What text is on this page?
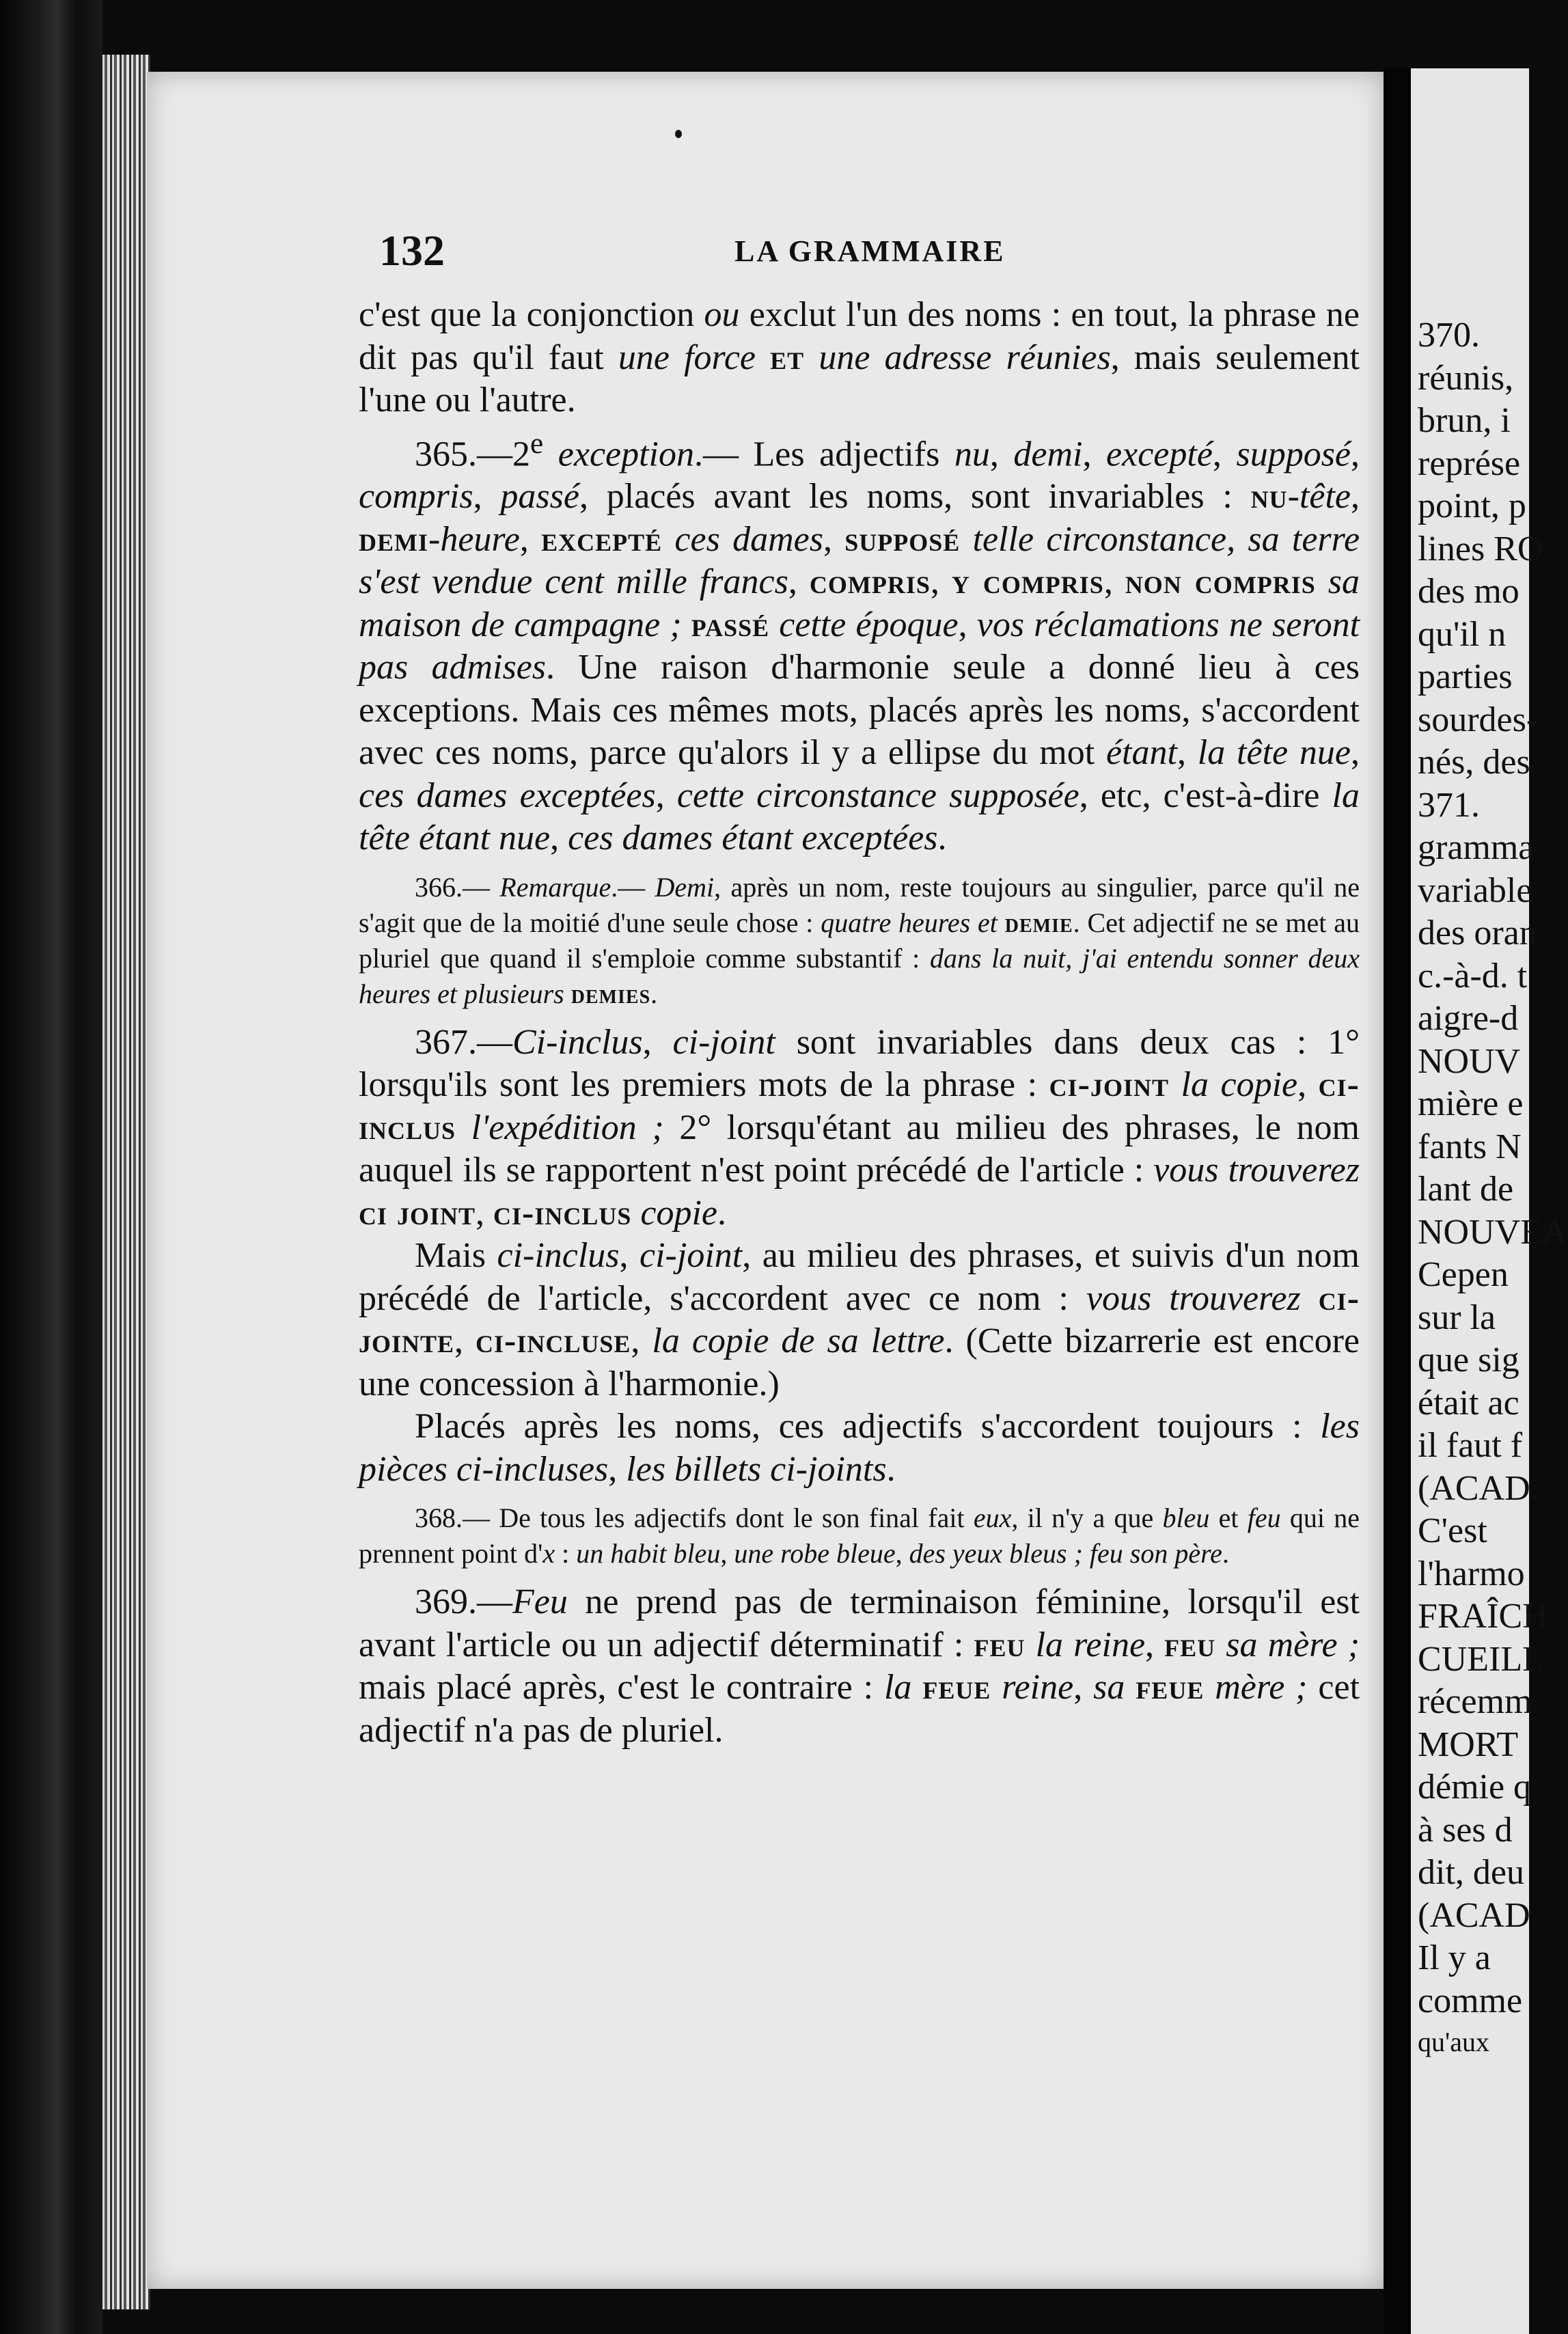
132	LA GRAMMAIRE

c'est que la conjonction ou exclut l'un des noms : en tout, la phrase ne dit pas qu'il faut une force et une adresse réunies, mais seulement l'une ou l'autre.

365.—2e exception.— Les adjectifs nu, demi, excepté, supposé, compris, passé, placés avant les noms, sont invariables : nu-tête, demi-heure, excepté ces dames, supposé telle circonstance, sa terre s'est vendue cent mille francs, compris, y compris, non compris sa maison de campagne ; passé cette époque, vos réclamations ne seront pas admises. Une raison d'harmonie seule a donné lieu à ces exceptions. Mais ces mêmes mots, placés après les noms, s'accordent avec ces noms, parce qu'alors il y a ellipse du mot étant, la tête nue, ces dames exceptées, cette circonstance supposée, etc, c'est-à-dire la tête étant nue, ces dames étant exceptées.

366.— Remarque.— Demi, après un nom, reste toujours au singulier, parce qu'il ne s'agit que de la moitié d'une seule chose : quatre heures et demie. Cet adjectif ne se met au pluriel que quand il s'emploie comme substantif : dans la nuit, j'ai entendu sonner deux heures et plusieurs demies.

367.—Ci-inclus, ci-joint sont invariables dans deux cas : 1° lorsqu'ils sont les premiers mots de la phrase : ci-joint la copie, ci-inclus l'expédition ; 2° lorsqu'étant au milieu des phrases, le nom auquel ils se rapportent n'est point précédé de l'article : vous trouverez ci joint, ci-inclus copie.

Mais ci-inclus, ci-joint, au milieu des phrases, et suivis d'un nom précédé de l'article, s'accordent avec ce nom : vous trouverez ci-jointe, ci-incluse, la copie de sa lettre. (Cette bizarrerie est encore une concession à l'harmonie.)

Placés après les noms, ces adjectifs s'accordent toujours : les pièces ci-incluses, les billets ci-joints.

368.— De tous les adjectifs dont le son final fait eux, il n'y a que bleu et feu qui ne prennent point d'x : un habit bleu, une robe bleue, des yeux bleus ; feu son père.

369.—Feu ne prend pas de terminaison féminine, lorsqu'il est avant l'article ou un adjectif déterminatif : feu la reine, feu sa mère ; mais placé après, c'est le contraire : la feue reine, sa feue mère ; cet adjectif n'a pas de pluriel.

370.
réunis,
brun, i
représe
point, p
lines RO
des mo
qu'il n
parties
sourdes-
nés, des
371.
gramma
variable
des oran
c.-à-d. t
aigre-d
NOUV
mière e
fants N
lant de
NOUVEA
Cepen
sur la
que sig
était ac
il faut f
(ACAD.
C'est
l'harmo
FRAÎCH
CUEILL
récemm
MORT
démie q
à ses d
dit, deu
(ACAD.
Il y a
comme
qu'aux
